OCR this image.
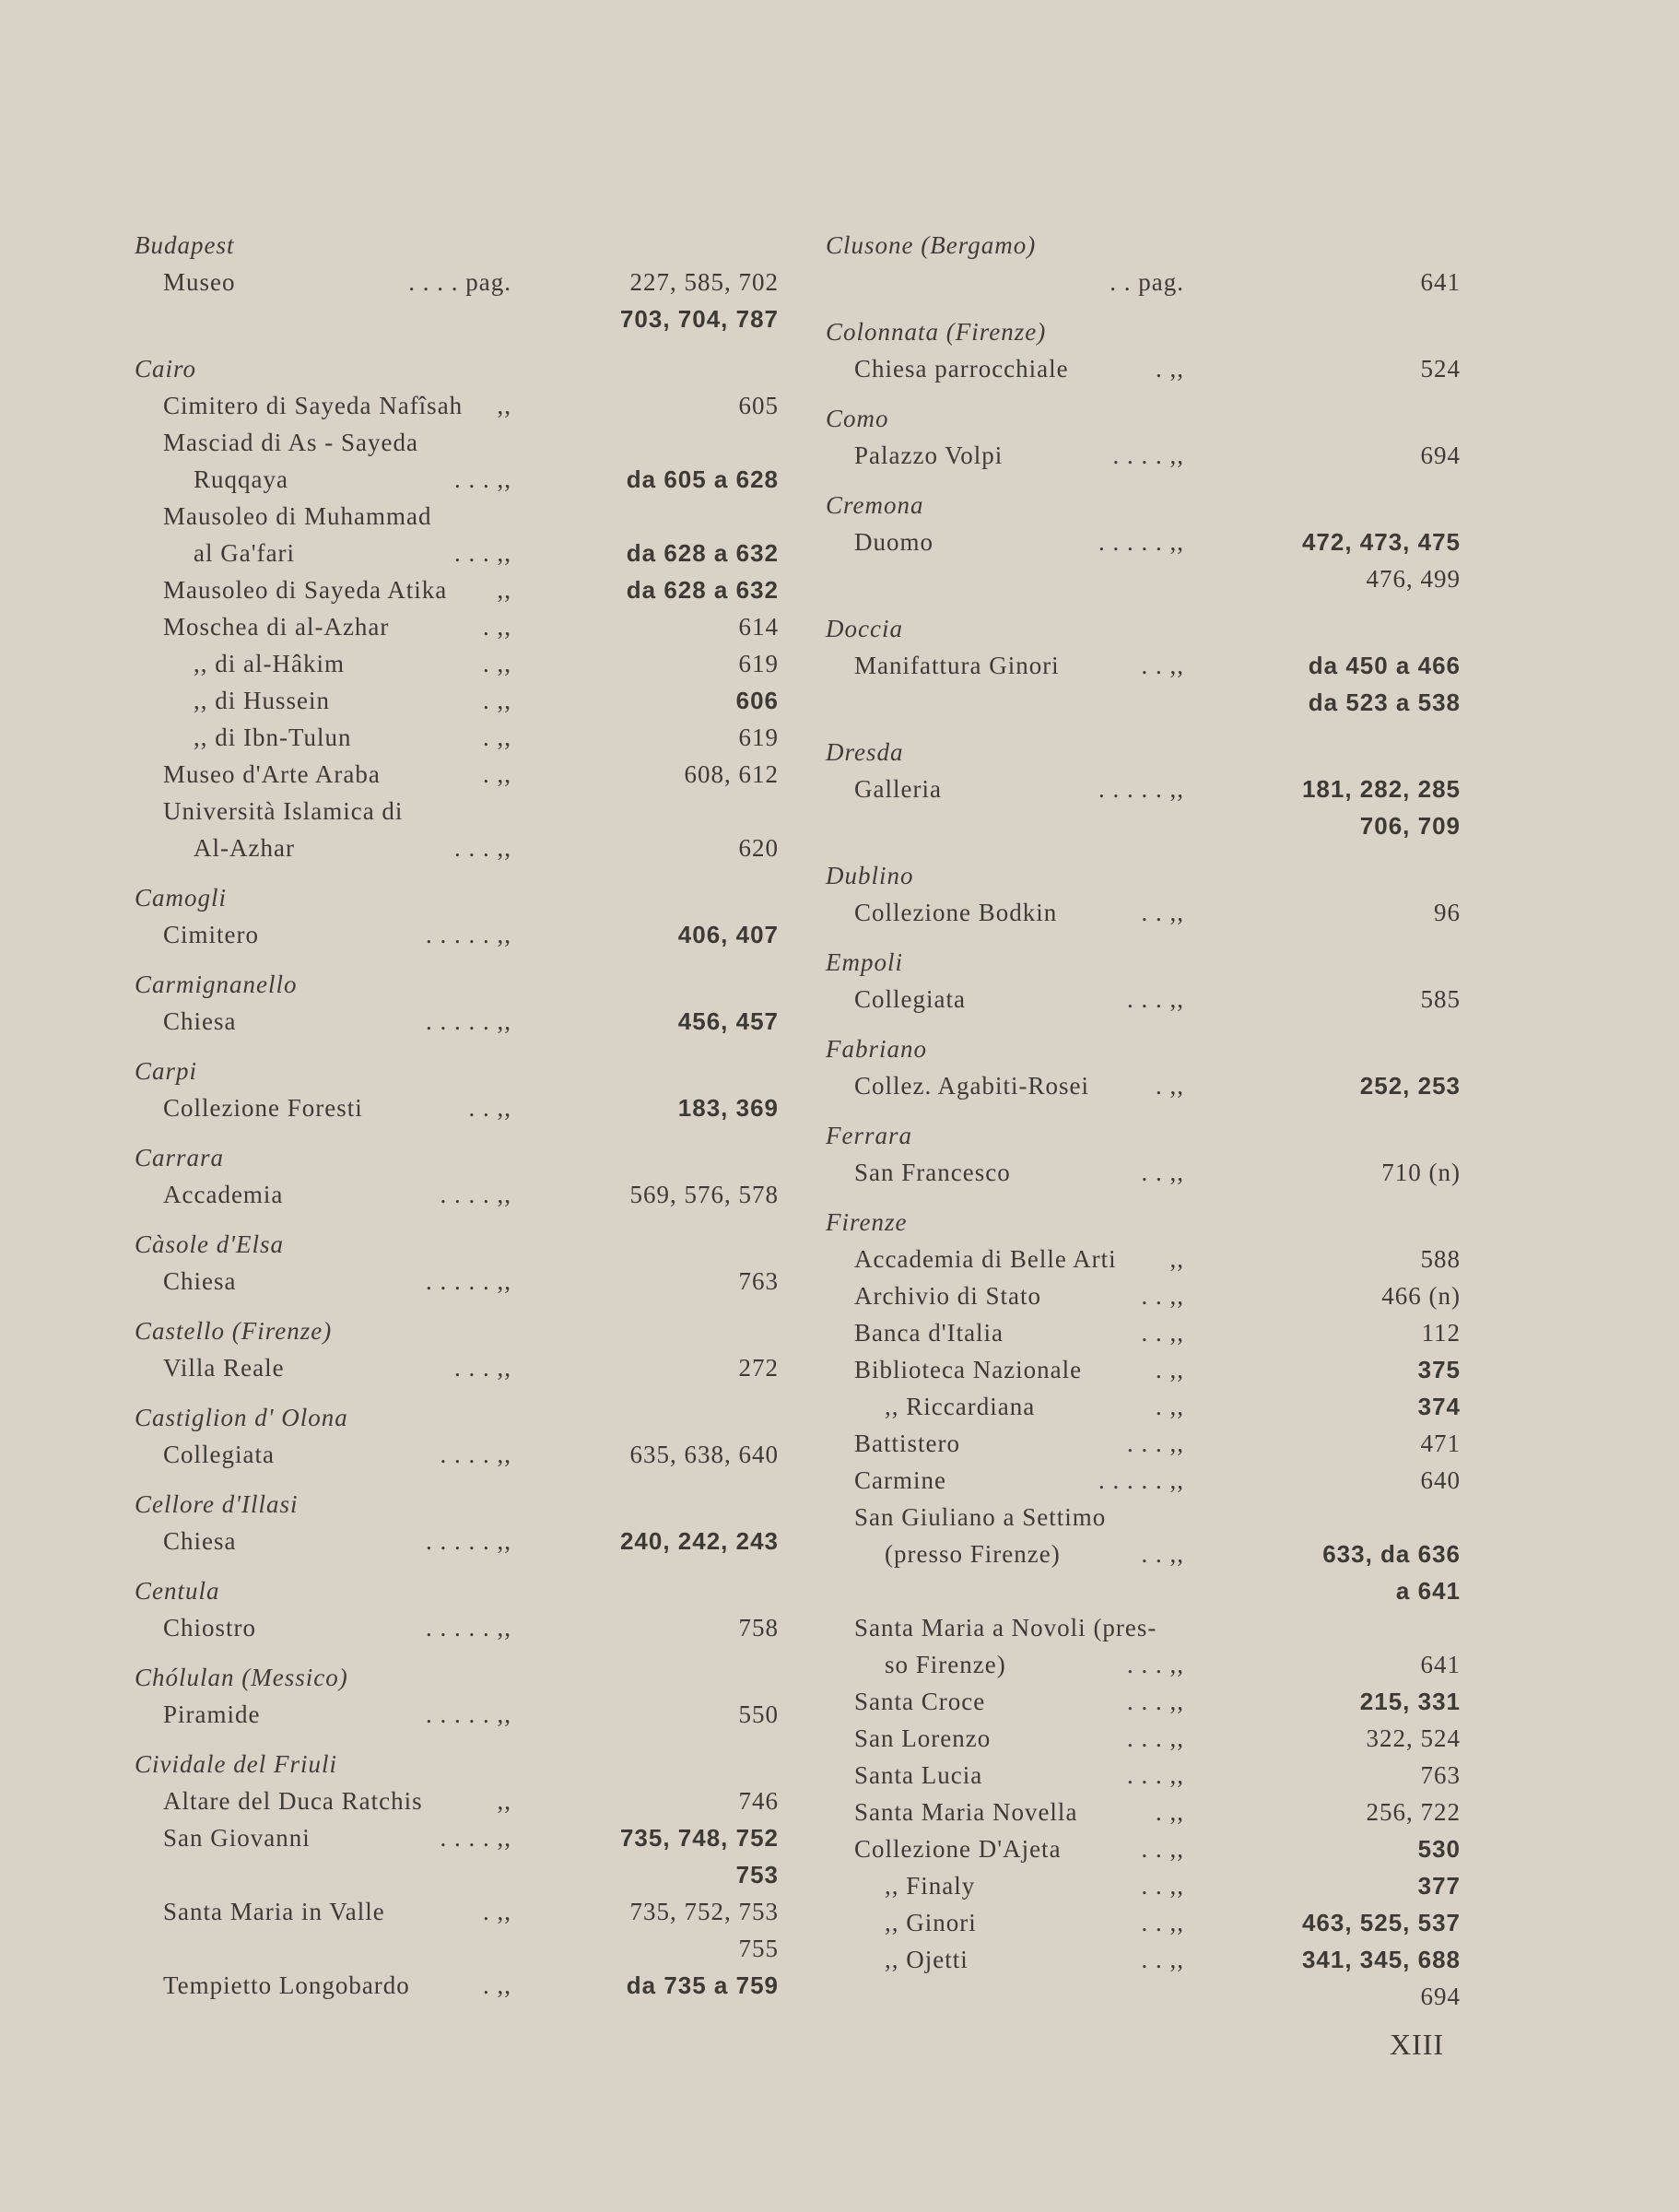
Budapest
Museo	. . . . pag.	227, 585, 702
703, 704, 787
Cairo
Cimitero di Sayeda Nafîsah ,,	605
Masciad di As - Sayeda
Ruqqaya	. . . ,,	da 605 a 628
Mausoleo di Muhammad
al Ga'fari	. . . ,,	da 628 a 632
Mausoleo di Sayeda Atika ,,	da 628 a 632
Moschea di al-Azhar	. ,,	614
,, di al-Hâkim	. ,,	619
,, di Hussein	. ,,	606
,, di Ibn-Tulun	. ,,	619
Museo d'Arte Araba	. ,,	608, 612
Università Islamica di
Al-Azhar	. . . ,,	620
Camogli
Cimitero	. . . . . ,,	406, 407
Carmignanello
Chiesa	. . . . . ,,	456, 457
Carpi
Collezione Foresti	. . ,,	183, 369
Carrara
Accademia	. . . . ,,	569, 576, 578
Càsole d'Elsa
Chiesa	. . . . . ,,	763
Castello (Firenze)
Villa Reale	. . . ,,	272
Castiglion d' Olona
Collegiata	. . . . ,,	635, 638, 640
Cellore d'Illasi
Chiesa	. . . . . ,,	240, 242, 243
Centula
Chiostro	. . . . . ,,	758
Chólulan (Messico)
Piramide	. . . . . ,,	550
Cividale del Friuli
Altare del Duca Ratchis	,,	746
San Giovanni	. . . . ,,	735, 748, 752
753
Santa Maria in Valle	. ,,	735, 752, 753
755
Tempietto Longobardo	. ,,	da 735 a 759
Clusone (Bergamo)
. . pag.	641
Colonnata (Firenze)
Chiesa parrocchiale	. ,,	524
Como
Palazzo Volpi	. . . . ,,	694
Cremona
Duomo	. . . . . ,,	472, 473, 475
476, 499
Doccia
Manifattura Ginori	. . ,,	da 450 a 466
da 523 a 538
Dresda
Galleria	. . . . . ,,	181, 282, 285
706, 709
Dublino
Collezione Bodkin	. . ,,	96
Empoli
Collegiata	. . . ,,	585
Fabriano
Collez. Agabiti-Rosei	. ,,	252, 253
Ferrara
San Francesco	. . ,,	710 (n)
Firenze
Accademia di Belle Arti ,,	588
Archivio di Stato	. . ,,	466 (n)
Banca d'Italia	. . ,,	112
Biblioteca Nazionale	. ,,	375
,, Riccardiana	. ,,	374
Battistero	. . . ,,	471
Carmine	. . . . . ,,	640
San Giuliano a Settimo
(presso Firenze)	. . ,,	633, da 636
a 641
Santa Maria a Novoli (pres-
so Firenze)	. . . ,,	641
Santa Croce	. . . ,,	215, 331
San Lorenzo	. . . ,,	322, 524
Santa Lucia	. . . ,,	763
Santa Maria Novella	. ,,	256, 722
Collezione D'Ajeta	. . ,,	530
,, Finaly	. . ,,	377
,, Ginori	. . ,,	463, 525, 537
,, Ojetti	. . ,,	341, 345, 688
694
XIII
